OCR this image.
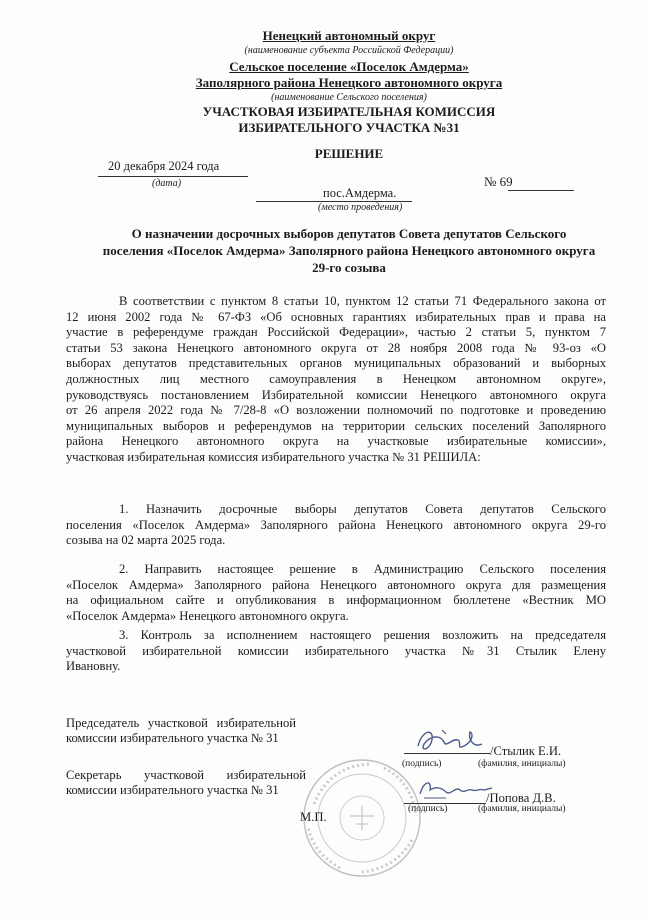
Ненецкий автономный округ
(наименование субъекта Российской Федерации)
Сельское поселение «Поселок Амдерма»
Заполярного района Ненецкого автономного округа
(наименование Сельского поселения)
УЧАСТКОВАЯ ИЗБИРАТЕЛЬНАЯ КОМИССИЯ
ИЗБИРАТЕЛЬНОГО УЧАСТКА №31
РЕШЕНИЕ
20 декабря 2024 года
(дата)	№ 69
пос.Амдерма.
(место проведения)
О назначении досрочных выборов депутатов Совета депутатов Сельского
поселения «Поселок Амдерма» Заполярного района Ненецкого автономного округа
29-го созыва
В соответствии с пунктом 8 статьи 10, пунктом 12 статьи 71 Федерального закона от
12 июня 2002 года № 67-ФЗ «Об основных гарантиях избирательных прав и права на
участие в референдуме граждан Российской Федерации», частью 2 статьи 5, пунктом 7
статьи 53 закона Ненецкого автономного округа от 28 ноября 2008 года № 93-оз «О
выборах депутатов представительных органов муниципальных образований и выборных
должностных лиц местного самоуправления в Ненецком автономном округе»,
руководствуясь постановлением Избирательной комиссии Ненецкого автономного округа
от 26 апреля 2022 года № 7/28-8 «О возложении полномочий по подготовке и проведению
муниципальных выборов и референдумов на территории сельских поселений Заполярного
района Ненецкого автономного округа на участковые избирательные комиссии»,
участковая избирательная комиссия избирательного участка № 31 РЕШИЛА:
1. Назначить досрочные выборы депутатов Совета депутатов Сельского
поселения «Поселок Амдерма» Заполярного района Ненецкого автономного округа 29-го
созыва на 02 марта 2025 года.
2. Направить настоящее решение в Администрацию Сельского поселения
«Поселок Амдерма» Заполярного района Ненецкого автономного округа для размещения
на официальном сайте и опубликования в информационном бюллетене «Вестник МО
«Поселок Амдерма» Ненецкого автономного округа.
3. Контроль за исполнением настоящего решения возложить на председателя
участковой избирательной комиссии избирательного участка №31 Стылик Елену
Ивановну.
Председатель участковой избирательной
комиссии избирательного участка № 31
/Стылик Е.И.
(подпись)	(фамилия, инициалы)
Секретарь участковой избирательной
комиссии избирательного участка № 31
М.П.
/Попова Д.В.
(подпись)	(фамилия, инициалы)
